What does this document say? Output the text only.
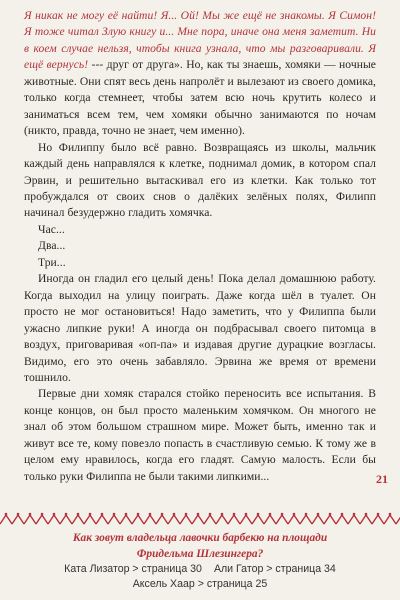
Я никак не могу её найти! Я... Ой! Мы же ещё не знакомы. Я Симон! Я тоже читал Злую книгу и... Мне пора, иначе она меня заметит. Ни в коем случае нельзя, чтобы книга узнала, что мы разговаривали. Я ещё вернусь! --- друг от друга». Но, как ты знаешь, хомяки — ночные животные. Они спят весь день напролёт и вылезают из своего домика, только когда стемнеет, чтобы затем всю ночь крутить колесо и заниматься всем тем, чем хомяки обычно занимаются по ночам (никто, правда, точно не знает, чем именно).

Но Филиппу было всё равно. Возвращаясь из школы, мальчик каждый день направлялся к клетке, поднимал домик, в котором спал Эрвин, и решительно вытаскивал его из клетки. Как только тот пробуждался от своих снов о далёких зелёных полях, Филипп начинал безудержно гладить хомячка.

Чaс...

Два...

Три...

Иногда он гладил его целый день! Пока делал домашнюю работу. Когда выходил на улицу поиграть. Даже когда шёл в туалет. Он просто не мог остановиться! Надо заметить, что у Филиппа были ужасно липкие руки! А иногда он подбрасывал своего питомца в воздух, приговаривая «оп-па» и издавая другие дурацкие возгласы. Видимо, его это очень забавляло. Эрвина же время от времени тошнило.

Первые дни хомяк старался стойко переносить все испытания. В конце концов, он был просто маленьким хомячком. Он многого не знал об этом большом страшном мире. Может быть, именно так и живут все те, кому повезло попасть в счастливую семью. К тому же в целом ему нравилось, когда его гладят. Самую малость. Если бы только руки Филиппа не были такими липкими...	21
Как зовут владельца лавочки барбекю на площади
Фридельма Шлезингера?
Ката Лизатор > страница 30 Али Гатор > страница 34
Аксель Хаар > страница 25
